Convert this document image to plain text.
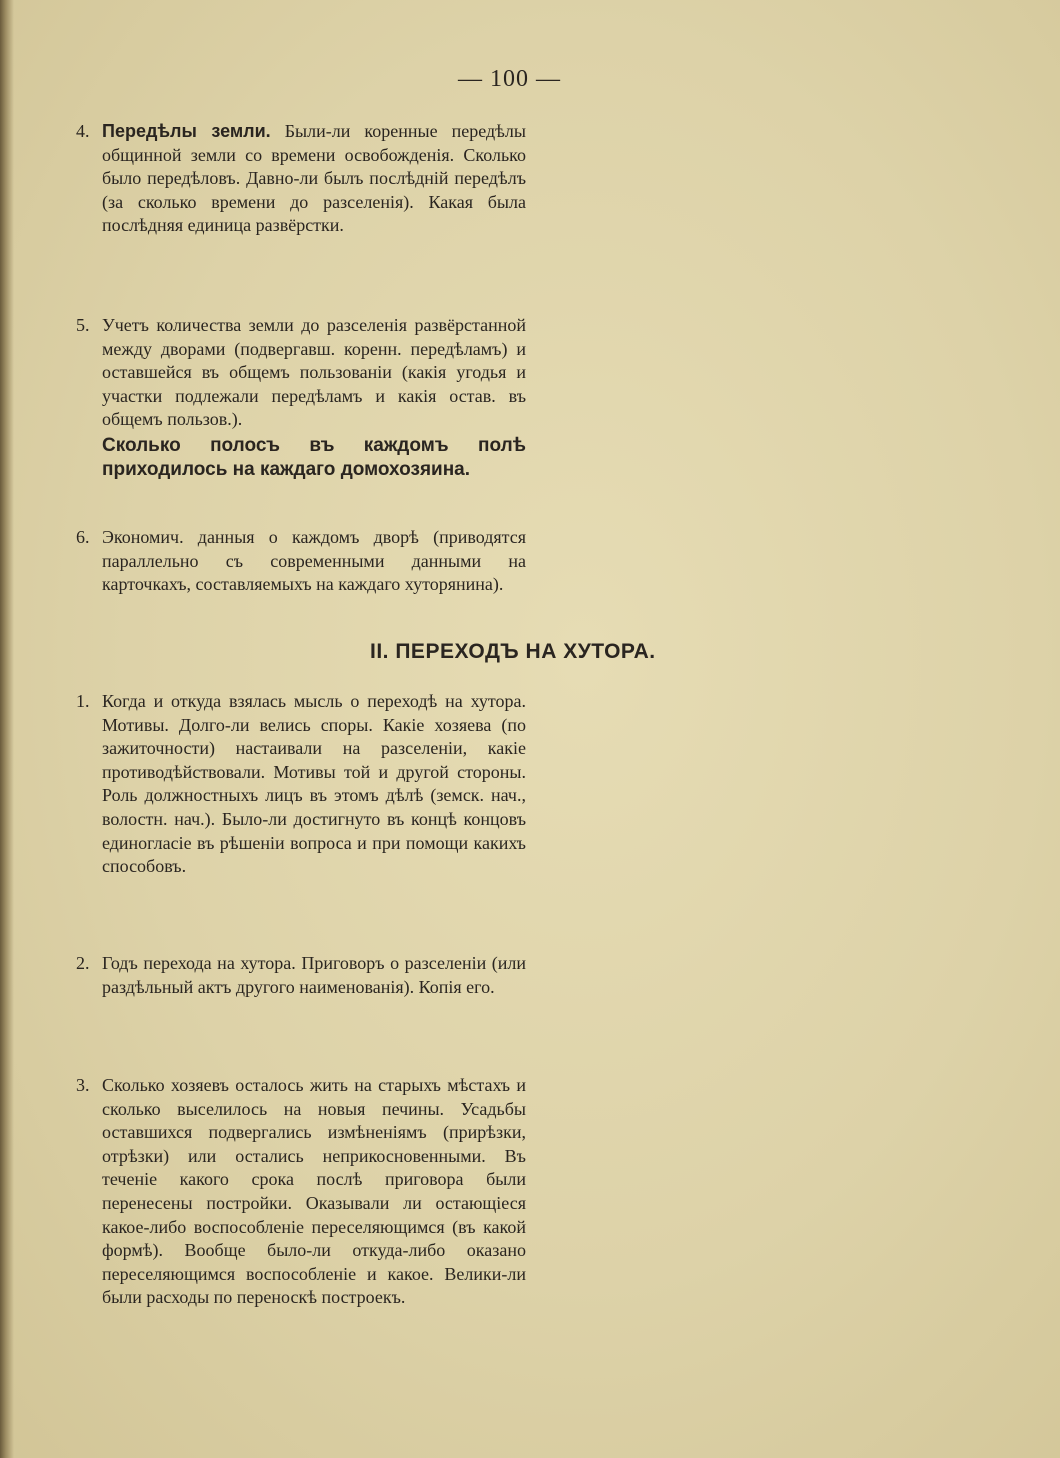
— 100 —
4. Передѣлы земли. Были-ли коренные передѣлы общинной земли со времени освобожденія. Сколько было передѣловъ. Давно-ли былъ послѣдній передѣлъ (за сколько времени до разселенія). Какая была послѣдняя единица развёрстки.
5. Учетъ количества земли до разселенія развёрстанной между дворами (подвергавш. коренн. передѣламъ) и оставшейся въ общемъ пользованіи (какія угодья и участки подлежали передѣламъ и какія остав. въ общемъ пользов.).
Сколько полосъ въ каждомъ полѣ приходилось на каждаго домохозяина.
6. Экономич. данныя о каждомъ дворѣ (приводятся параллельно съ современными данными на карточкахъ, составляемыхъ на каждаго хуторянина).
II. ПЕРЕХОДЪ НА ХУТОРА.
1. Когда и откуда взялась мысль о переходѣ на хутора. Мотивы. Долго-ли велись споры. Какіе хозяева (по зажиточности) настаивали на разселеніи, какіе противодѣйствовали. Мотивы той и другой стороны. Роль должностныхъ лицъ въ этомъ дѣлѣ (земск. нач., волостн. нач.). Было-ли достигнуто въ концѣ концовъ единогласіе въ рѣшеніи вопроса и при помощи какихъ способовъ.
2. Годъ перехода на хутора. Приговоръ о разселеніи (или раздѣльный актъ другого наименованія). Копія его.
3. Сколько хозяевъ осталось жить на старыхъ мѣстахъ и сколько выселилось на новыя печины. Усадьбы оставшихся подвергались измѣненіямъ (прирѣзки, отрѣзки) или остались неприкосновенными. Въ теченіе какого срока послѣ приговора были перенесены постройки. Оказывали ли остающіеся какое-либо воспособленіе переселяющимся (въ какой формѣ). Вообще было-ли откуда-либо оказано переселяющимся воспособленіе и какое. Велики-ли были расходы по переноскѣ построекъ.
